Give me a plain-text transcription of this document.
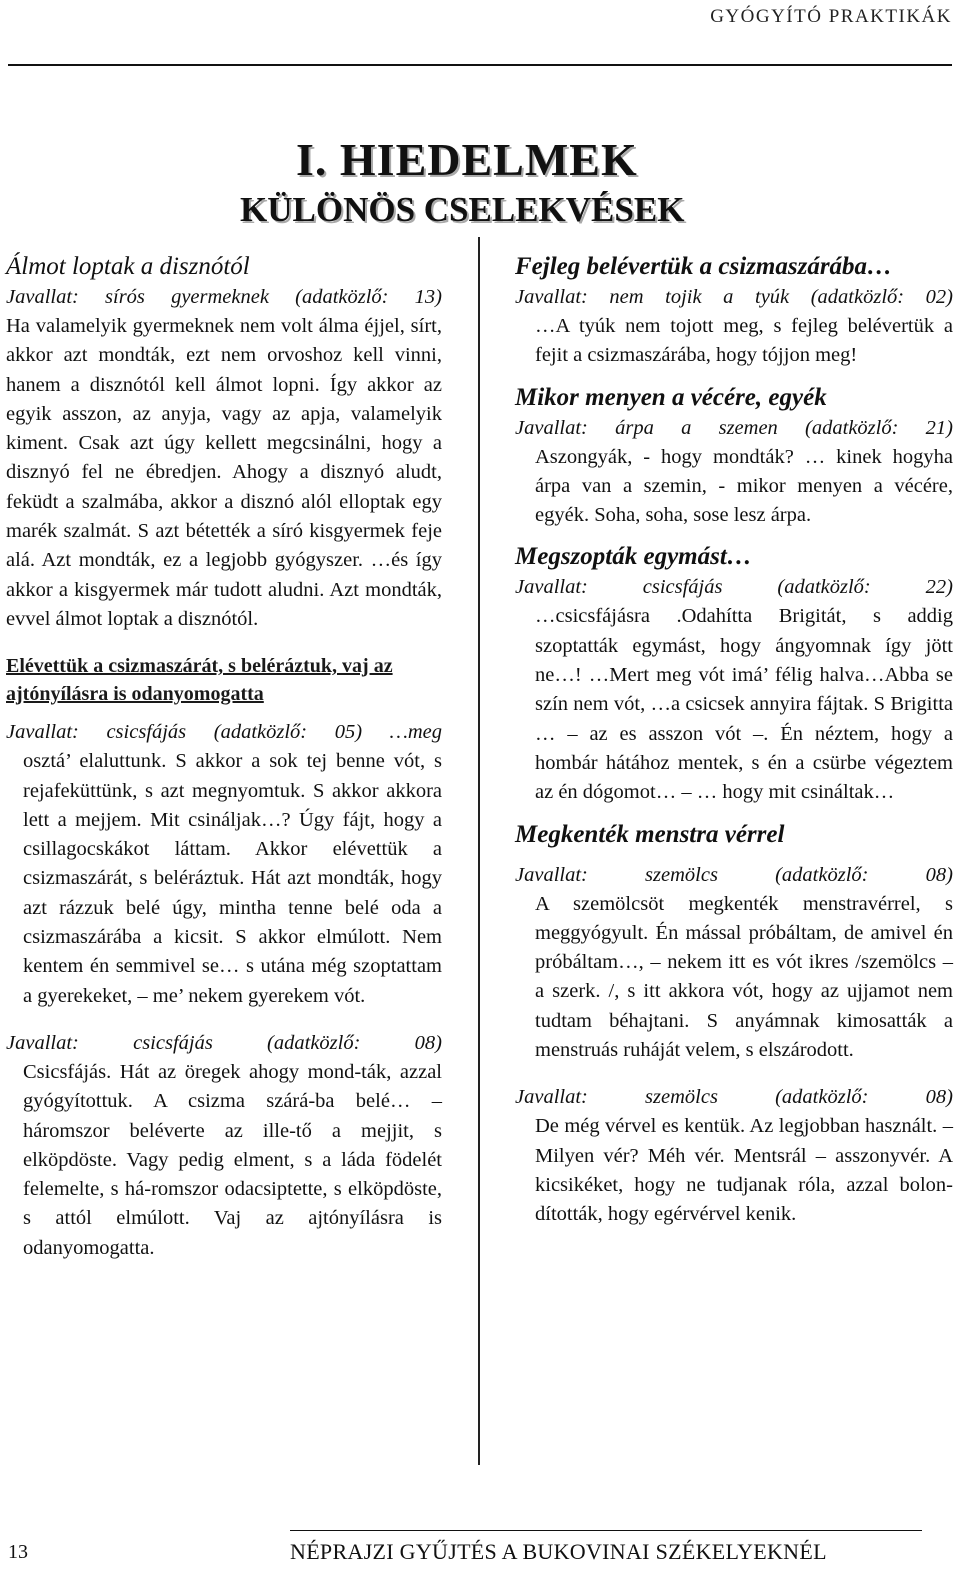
GYÓGYÍTÓ PRAKTIKÁK
I. HIEDELMEK
KÜLÖNÖS CSELEKVÉSEK
Álmot loptak a disznótól
Javallat: sírós gyermeknek (adatközlő: 13)
Ha valamelyik gyermeknek nem volt álma éjjel, sírt, akkor azt mondták, ezt nem orvoshoz kell vinni, hanem a disznótól kell álmot lopni. Így akkor az egyik asszon, az anyja, vagy az apja, valamelyik kiment. Csak azt úgy kellett megcsinálni, hogy a disznyó fel ne ébredjen. Ahogy a disznyó aludt, feküdt a szalmába, akkor a disznó alól elloptak egy marék szalmát. S azt bétették a síró kisgyermek feje alá. Azt mondták, ez a legjobb gyógyszer. …és így akkor a kisgyermek már tudott aludni. Azt mondták, evvel álmot loptak a disznótól.
Elévettük a csizmaszárát, s beléráztuk, vaj az ajtónyílásra is odanyomogatta
Javallat: csicsfájás (adatközlő: 05) …meg
osztá’ elaluttunk. S akkor a sok tej benne vót, s rejafeküttünk, s azt megnyomtuk. S akkor akkora lett a mejjem. Mit csináljak…? Úgy fájt, hogy a csillagocskákot láttam. Akkor elévettük a csizmaszárát, s beléráztuk. Hát azt mondták, hogy azt rázzuk belé úgy, mintha tenne belé oda a csizmaszárába a kicsit. S akkor elmúlott. Nem kentem én semmivel se… s utána még szoptattam a gyerekeket, – me’ nekem gyerekem vót.
Javallat: csicsfájás (adatközlő: 08)
Csicsfájás. Hát az öregek ahogy mond-ták, azzal gyógyítottuk. A csizma szárá-ba belé… – háromszor beléverte az ille-tő a mejjit, s elköpdöste. Vagy pedig elment, s a láda födelét felemelte, s há-romszor odacsiptette, s elköpdöste, s attól elmúlott. Vaj az ajtónyílásra is odanyomogatta.
Fejleg belévertük a csizmaszárába…
Javallat: nem tojik a tyúk (adatközlő: 02)
…A tyúk nem tojott meg, s fejleg belévertük a fejit a csizmaszárába, hogy tójjon meg!
Mikor menyen a vécére, egyék
Javallat: árpa a szemen (adatközlő: 21)
Aszongyák, - hogy mondták? … kinek hogyha árpa van a szemin, - mikor menyen a vécére, egyék. Soha, soha, sose lesz árpa.
Megszopták egymást…
Javallat: csicsfájás (adatközlő: 22)
…csicsfájásra .Odahítta Brigitát, s addig szoptatták egymást, hogy ángyomnak így jött ne…! …Mert meg vót imá’ félig halva…Abba se szín nem vót, …a csicsek annyira fájtak. S Brigitta … – az es asszon vót –. Én néztem, hogy a hombár hátához mentek, s én a csürbe végeztem az én dógomot… – … hogy mit csináltak…
Megkenték menstra vérrel
Javallat: szemölcs (adatközlő: 08)
A szemölcsöt megkenték menstravérrel, s meggyógyult. Én mással próbáltam, de amivel én próbáltam…, – nekem itt es vót ikres /szemölcs – a szerk. /, s itt akkora vót, hogy az ujjamot nem tudtam béhajtani. S anyámnak kimosatták a menstruás ruháját velem, s elszárodott.
Javallat: szemölcs (adatközlő: 08)
De még vérvel es kentük. Az legjobban használt. – Milyen vér? Méh vér. Mentsrál – asszonyvér. A kicsikéket, hogy ne tudjanak róla, azzal bolon-dították, hogy egérvérvel kenik.
13	NÉPRAJZI GYŰJTÉS A BUKOVINAI SZÉKELYEKNÉL
